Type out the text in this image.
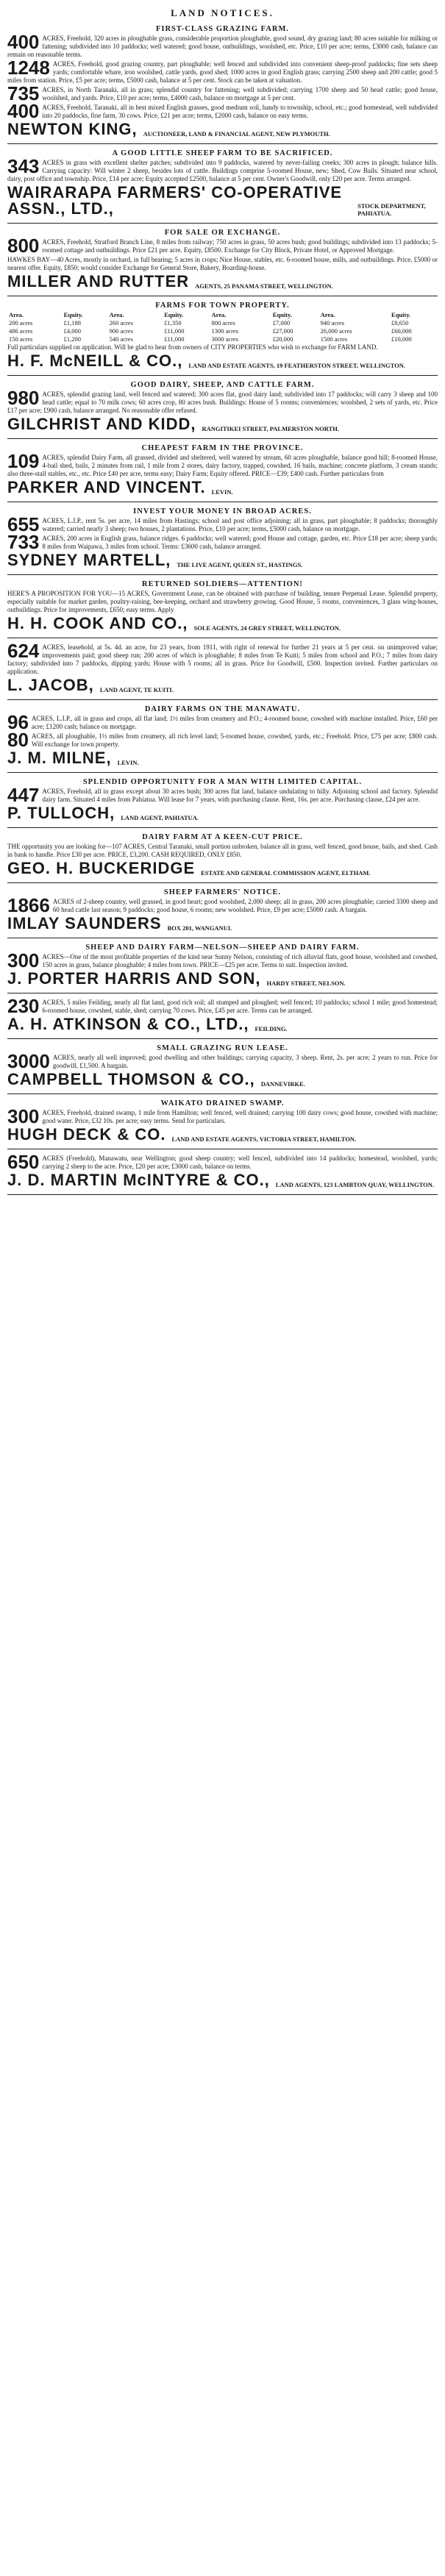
LAND NOTICES.
FIRST-CLASS GRAZING FARM.
400 ACRES, Freehold, 320 acres in ploughable grass, considerable proportion ploughable, good sound, dry grazing land; 80 acres suitable for milking or fattening; subdivided into 10 paddocks; well watered; good house, outbuildings, woolshed, etc. Price, £10 per acre; terms, £3000 cash, balance can remain on reasonable terms.
1248 ACRES, Freehold, good grazing country, part ploughable; well fenced and subdivided into convenient sheep-proof paddocks; fine sets sheep yards; comfortable whare, iron woolshed, cattle yards, good shed; 1000 acres in good English grass; carrying 2500 sheep and 200 cattle; good 5 miles from station. Price, £5 per acre; terms, £5000 cash, balance at 5 per cent. Stock can be taken at valuation.
735 ACRES, in North Taranaki, all in grass; splendid country for fattening; well subdivided; carrying 1700 sheep and 50 head cattle; good house, woolshed, and yards. Price, £10 per acre; terms, £4000 cash, balance on mortgage at 5 per cent.
400 ACRES, Freehold, Taranaki, all in best mixed English grasses, good medium soil, handy to township, school, etc.; good homestead, well subdivided into 20 paddocks, fine farm, 30 cows. Price, £21 per acre; terms, £2000 cash, balance on easy terms.
NEWTON KING, AUCTIONEER, LAND & FINANCIAL AGENT, NEW PLYMOUTH.
A GOOD LITTLE SHEEP FARM TO BE SACRIFICED.
343 ACRES in grass with excellent shelter patches; subdivided into 9 paddocks, watered by never-failing creeks; 300 acres in plough; balance hills. Carrying capacity: Will winter 2 sheep, besides lots of cattle. Buildings comprise 5-roomed House, new; Shed, Cow Bails. Situated near school, dairy, post office and township. Price, £14 per acre; Equity accepted £2500, balance at 5 per cent. Owner's Goodwill, only £20 per acre. Terms arranged.
WAIRARAPA FARMERS' CO-OPERATIVE ASSN., LTD.,	STOCK DEPARTMENT, PAHIATUA.
FOR SALE OR EXCHANGE.
800 ACRES, Freehold, Stratford Branch Line, 8 miles from railway; 750 acres in grass, 50 acres bush; good buildings; subdivided into 13 paddocks; 5-roomed cottage and outbuildings. Price £21 per acre. Equity, £8500. Exchange for City Block, Private Hotel, or Approved Mortgage.
HAWKES BAY—40 Acres, mostly in orchard, in full bearing; 5 acres in crops; Nice House, stables, etc. 6-roomed house, mills, and outbuildings. Price, £5000 or nearest offer. Equity, £850; would consider Exchange for General Store, Bakery, Boarding-house.
MILLER AND RUTTER AGENTS, 25 PANAMA STREET, WELLINGTON.
FARMS FOR TOWN PROPERTY.
Area.	Equity.	Area.	Equity.	Area.	Equity.	Area.	Equity.
200 acres	£1,188	260 acres	£1,350	800 acres	£7,000	940 acres	£8,650
486 acres	£4,000	900 acres	£11,000	1300 acres	£27,000	26,000 acres	£60,000
150 acres	£1,200	540 acres	£11,000	3000 acres	£20,000	1500 acres	£10,000
Full particulars supplied on application. Will be glad to hear from owners of CITY PROPERTIES who wish to exchange for FARM LAND.
H. F. McNEILL & CO., LAND AND ESTATE AGENTS, 19 FEATHERSTON STREET, WELLINGTON.
GOOD DAIRY, SHEEP, AND CATTLE FARM.
980 ACRES, splendid grazing land, well fenced and watered; 300 acres flat, good dairy land; subdivided into 17 paddocks; will carry 3 sheep and 100 head cattle; equal to 70 milk cows; 60 acres crop, 80 acres bush. Buildings: House of 5 rooms; conveniences; woolshed, 2 sets of yards, etc. Price £17 per acre; £900 cash, balance arranged. No reasonable offer refused.
GILCHRIST AND KIDD, RANGITIKEI STREET, PALMERSTON NORTH.
CHEAPEST FARM IN THE PROVINCE.
109 ACRES, splendid Dairy Farm, all grassed, divided and sheltered, well watered by stream, 60 acres ploughable, balance good hill; 8-roomed House, 4-bail shed, bails, 2 minutes from rail, 1 mile from 2 stores, dairy factory, trapped, cowshed, 16 bails, machine; concrete platform, 3 cream stands; also three-stall stables, etc., etc. Price £40 per acre, terms easy; Dairy Farm; Equity offered. PRICE—£39; £400 cash. Further particulars from
PARKER AND VINCENT. LEVIN.
INVEST YOUR MONEY IN BROAD ACRES.
655 ACRES, L.I.P., rent 5s. per acre, 14 miles from Hastings; school and post office adjoining; all in grass, part ploughable; 8 paddocks; thoroughly watered; carried nearly 3 sheep; two houses, 2 plantations. Price, £10 per acre; terms, £5000 cash, balance on mortgage.
733 ACRES, 200 acres in English grass, balance ridges. 6 paddocks; well watered; good House and cottage, garden, etc. Price £18 per acre; sheep yards; 8 miles from Waipawa, 3 miles from school. Terms: £3600 cash, balance arranged.
SYDNEY MARTELL, THE LIVE AGENT, QUEEN ST., HASTINGS.
RETURNED SOLDIERS—ATTENTION!
HERE'S A PROPOSITION FOR YOU—15 ACRES, Government Lease, can be obtained with purchase of building, tenure Perpetual Lease. Splendid property, especially suitable for market garden, poultry-raising, bee-keeping, orchard and strawberry growing. Good House, 5 rooms, conveniences, 3 glass wing-houses, outbuildings. Price for improvements, £650; easy terms. Apply
H. H. COOK AND CO., SOLE AGENTS, 24 GREY STREET, WELLINGTON.
624 ACRES, leasehold, at 5s. 4d. an acre, for 23 years, from 1911, with right of renewal for further 21 years at 5 per cent. on unimproved value; improvements paid; good sheep run; 200 acres of which is ploughable; 8 miles from Te Kuiti; 5 miles from school and P.O.; 7 miles from dairy factory; subdivided into 7 paddocks, dipping yards; House with 5 rooms; all in grass. Price for Goodwill, £500. Inspection invited. Further particulars on application.
L. JACOB, LAND AGENT, TE KUITI.
DAIRY FARMS ON THE MANAWATU.
96 ACRES, L.I.P., all in grass and crops, all flat land; 1½ miles from creamery and P.O.; 4-roomed house, cowshed with machine installed. Price, £60 per acre; £1200 cash; balance on mortgage.
80 ACRES, all ploughable, 1½ miles from creamery, all rich level land; 5-roomed house, cowshed, yards, etc.; Freehold. Price, £75 per acre; £800 cash. Will exchange for town property.
J. M. MILNE, LEVIN.
SPLENDID OPPORTUNITY FOR A MAN WITH LIMITED CAPITAL.
447 ACRES, Freehold, all in grass except about 30 acres bush; 300 acres flat land, balance undulating to hilly. Adjoining school and factory. Splendid dairy farm. Situated 4 miles from Pahiatua. Will lease for 7 years, with purchasing clause. Rent, 16s. per acre. Purchasing clause, £24 per acre.
P. TULLOCH, LAND AGENT, PAHIATUA.
DAIRY FARM AT A KEEN-CUT PRICE.
THE opportunity you are looking for—107 ACRES, Central Taranaki, small portion unbroken, balance all in grass, well fenced, good house, bails, and shed. Cash in bank to handle. Price £30 per acre. PRICE, £3,200. CASH REQUIRED, ONLY £850.
GEO. H. BUCKERIDGE ESTATE AND GENERAL COMMISSION AGENT, ELTHAM.
SHEEP FARMERS' NOTICE.
1866 ACRES of 2-sheep country, well grassed, in good heart; good woolshed, 2,000 sheep; all in grass, 200 acres ploughable; carried 3300 sheep and 60 head cattle last season; 9 paddocks; good house, 6 rooms; new woolshed. Price, £9 per acre; £5000 cash. A bargain.
IMLAY SAUNDERS BOX 201, WANGANUI.
SHEEP AND DAIRY FARM—NELSON—SHEEP AND DAIRY FARM.
300 ACRES—One of the most profitable properties of the kind near Sunny Nelson, consisting of rich alluvial flats, good house, woolshed and cowshed, 150 acres in grass, balance ploughable; 4 miles from town. PRICE—£25 per acre. Terms to suit. Inspection invited.
J. PORTER HARRIS AND SON, HARDY STREET, NELSON.
230 ACRES, 5 miles Feilding, nearly all flat land, good rich soil; all stumped and ploughed; well fenced; 10 paddocks; school 1 mile; good homestead; 6-roomed house, cowshed, stable, shed; carrying 70 cows. Price, £45 per acre. Terms can be arranged.
A. H. ATKINSON & CO., LTD., FEILDING.
SMALL GRAZING RUN LEASE.
3000 ACRES, nearly all well improved; good dwelling and other buildings; carrying capacity, 3 sheep. Rent, 2s. per acre; 2 years to run. Price for goodwill, £1,500. A bargain.
CAMPBELL THOMSON & CO., DANNEVIRKE.
WAIKATO DRAINED SWAMP.
300 ACRES, Freehold, drained swamp, 1 mile from Hamilton; well fenced, well drained; carrying 100 dairy cows; good house, cowshed with machine; good water. Price, £32 10s. per acre; easy terms. Send for particulars.
HUGH DECK & CO. LAND AND ESTATE AGENTS, VICTORIA STREET, HAMILTON.
650 ACRES (Freehold), Manawatu, near Wellington; good sheep country; well fenced, subdivided into 14 paddocks; homestead, woolshed, yards; carrying 2 sheep to the acre. Price, £20 per acre; £3000 cash, balance on terms.
J. D. MARTIN McINTYRE & CO., LAND AGENTS, 123 LAMBTON QUAY, WELLINGTON.
